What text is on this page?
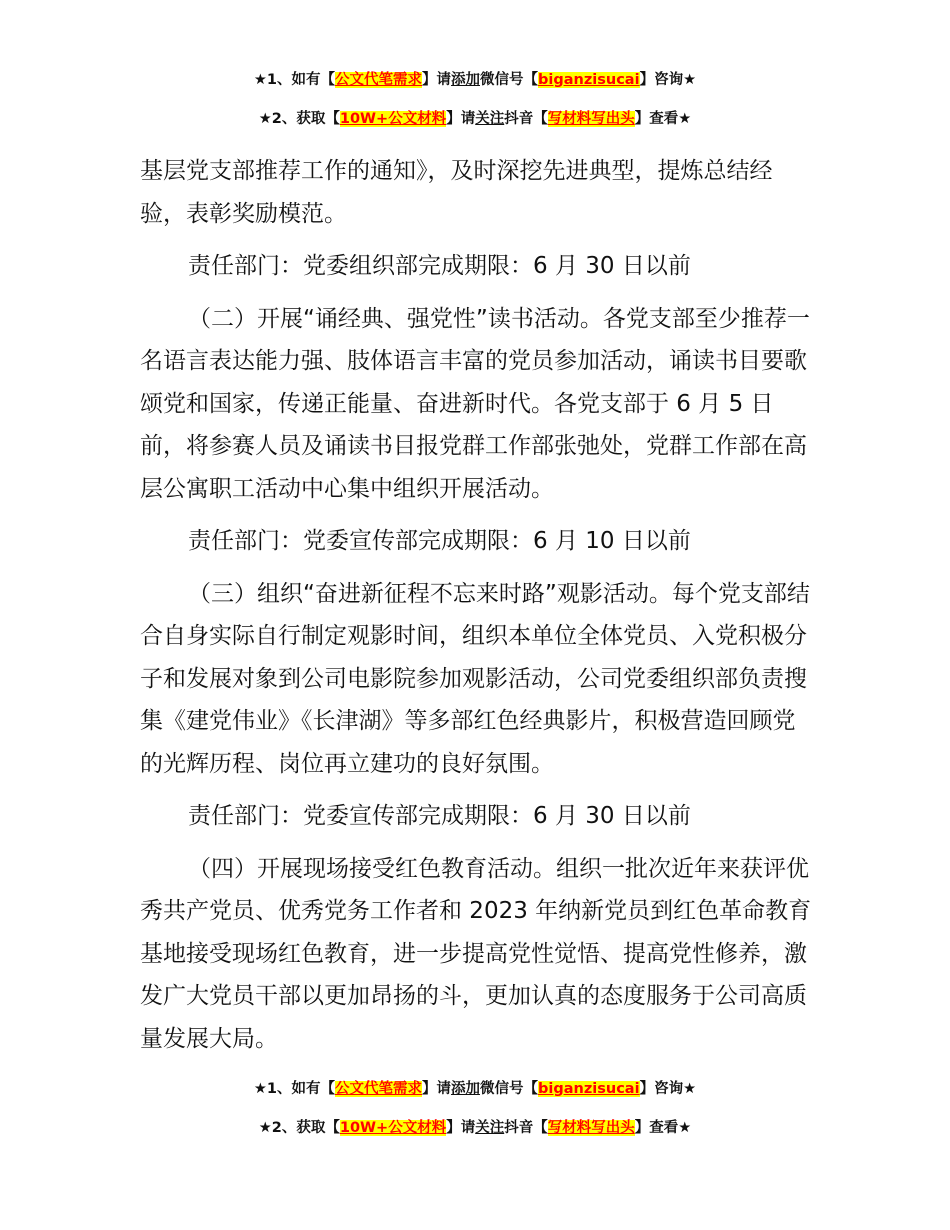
★1、如有【公文代笔需求】请添加微信号【biganzisucai】咨询★
★2、获取【10W+公文材料】请关注抖音【写材料写出头】查看★

基层党支部推荐工作的通知》，及时深挖先进典型，提炼总结经验，表彰奖励模范。

责任部门：党委组织部完成期限：6 月 30 日以前

（二）开展“诵经典、强党性”读书活动。各党支部至少推荐一名语言表达能力强、肢体语言丰富的党员参加活动，诵读书目要歌颂党和国家，传递正能量、奋进新时代。各党支部于 6 月 5 日前，将参赛人员及诵读书目报党群工作部张弛处，党群工作部在高层公寓职工活动中心集中组织开展活动。

责任部门：党委宣传部完成期限：6 月 10 日以前

（三）组织“奋进新征程不忘来时路”观影活动。每个党支部结合自身实际自行制定观影时间，组织本单位全体党员、入党积极分子和发展对象到公司电影院参加观影活动，公司党委组织部负责搜集《建党伟业》《长津湖》等多部红色经典影片，积极营造回顾党的光辉历程、岗位再立建功的良好氛围。

责任部门：党委宣传部完成期限：6 月 30 日以前

（四）开展现场接受红色教育活动。组织一批次近年来获评优秀共产党员、优秀党务工作者和 2023 年纳新党员到红色革命教育基地接受现场红色教育，进一步提高党性觉悟、提高党性修养，激发广大党员干部以更加昂扬的斗，更加认真的态度服务于公司高质量发展大局。

★1、如有【公文代笔需求】请添加微信号【biganzisucai】咨询★
★2、获取【10W+公文材料】请关注抖音【写材料写出头】查看★
